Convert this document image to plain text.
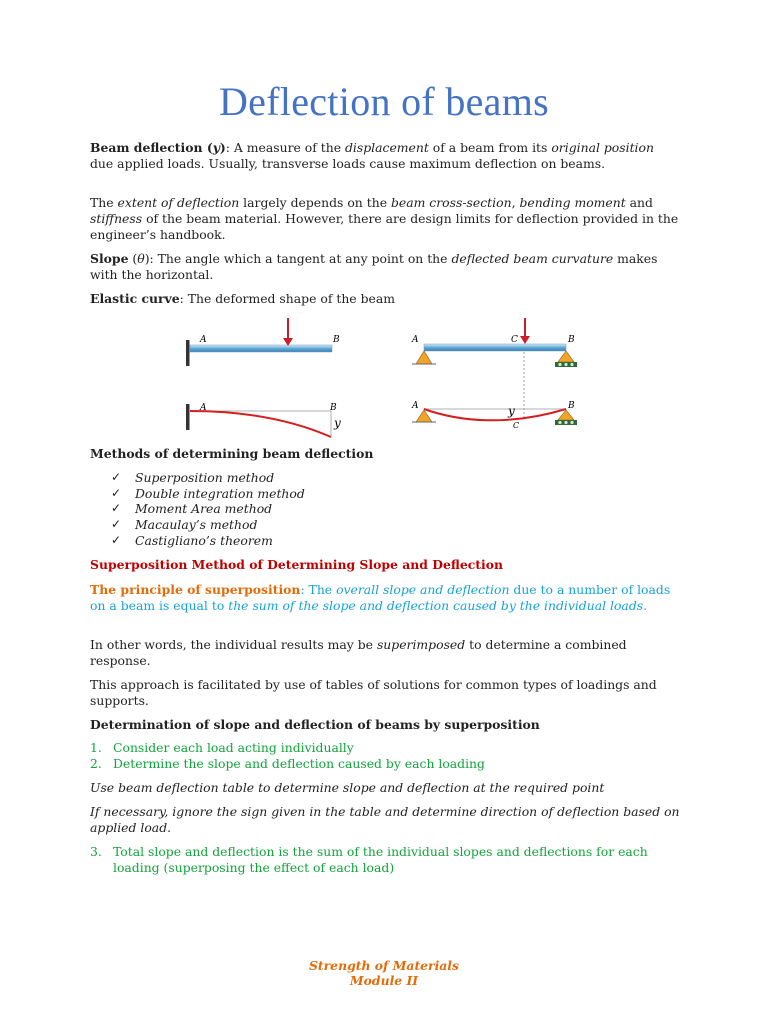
Deflection of beams
Beam deflection (y): A measure of the displacement of a beam from its original position due applied loads. Usually, transverse loads cause maximum deflection on beams.
The extent of deflection largely depends on the beam cross-section, bending moment and stiffness of the beam material. However, there are design limits for deflection provided in the engineer’s handbook.
Slope (θ): The angle which a tangent at any point on the deflected beam curvature makes with the horizontal.
Elastic curve: The deformed shape of the beam
A	B
A	B
y
A	C	B
A	B
y
C
Methods of determining beam deflection
✓ Superposition method
✓ Double integration method
✓ Moment Area method
✓ Macaulay’s method
✓ Castigliano’s theorem
Superposition Method of Determining Slope and Deflection
The principle of superposition: The overall slope and deflection due to a number of loads on a beam is equal to the sum of the slope and deflection caused by the individual loads.
In other words, the individual results may be superimposed to determine a combined response.
This approach is facilitated by use of tables of solutions for common types of loadings and supports.
Determination of slope and deflection of beams by superposition
1. Consider each load acting individually
2. Determine the slope and deflection caused by each loading
Use beam deflection table to determine slope and deflection at the required point
If necessary, ignore the sign given in the table and determine direction of deflection based on applied load.
3. Total slope and deflection is the sum of the individual slopes and deflections for each loading (superposing the effect of each load)
Strength of Materials
Module II
